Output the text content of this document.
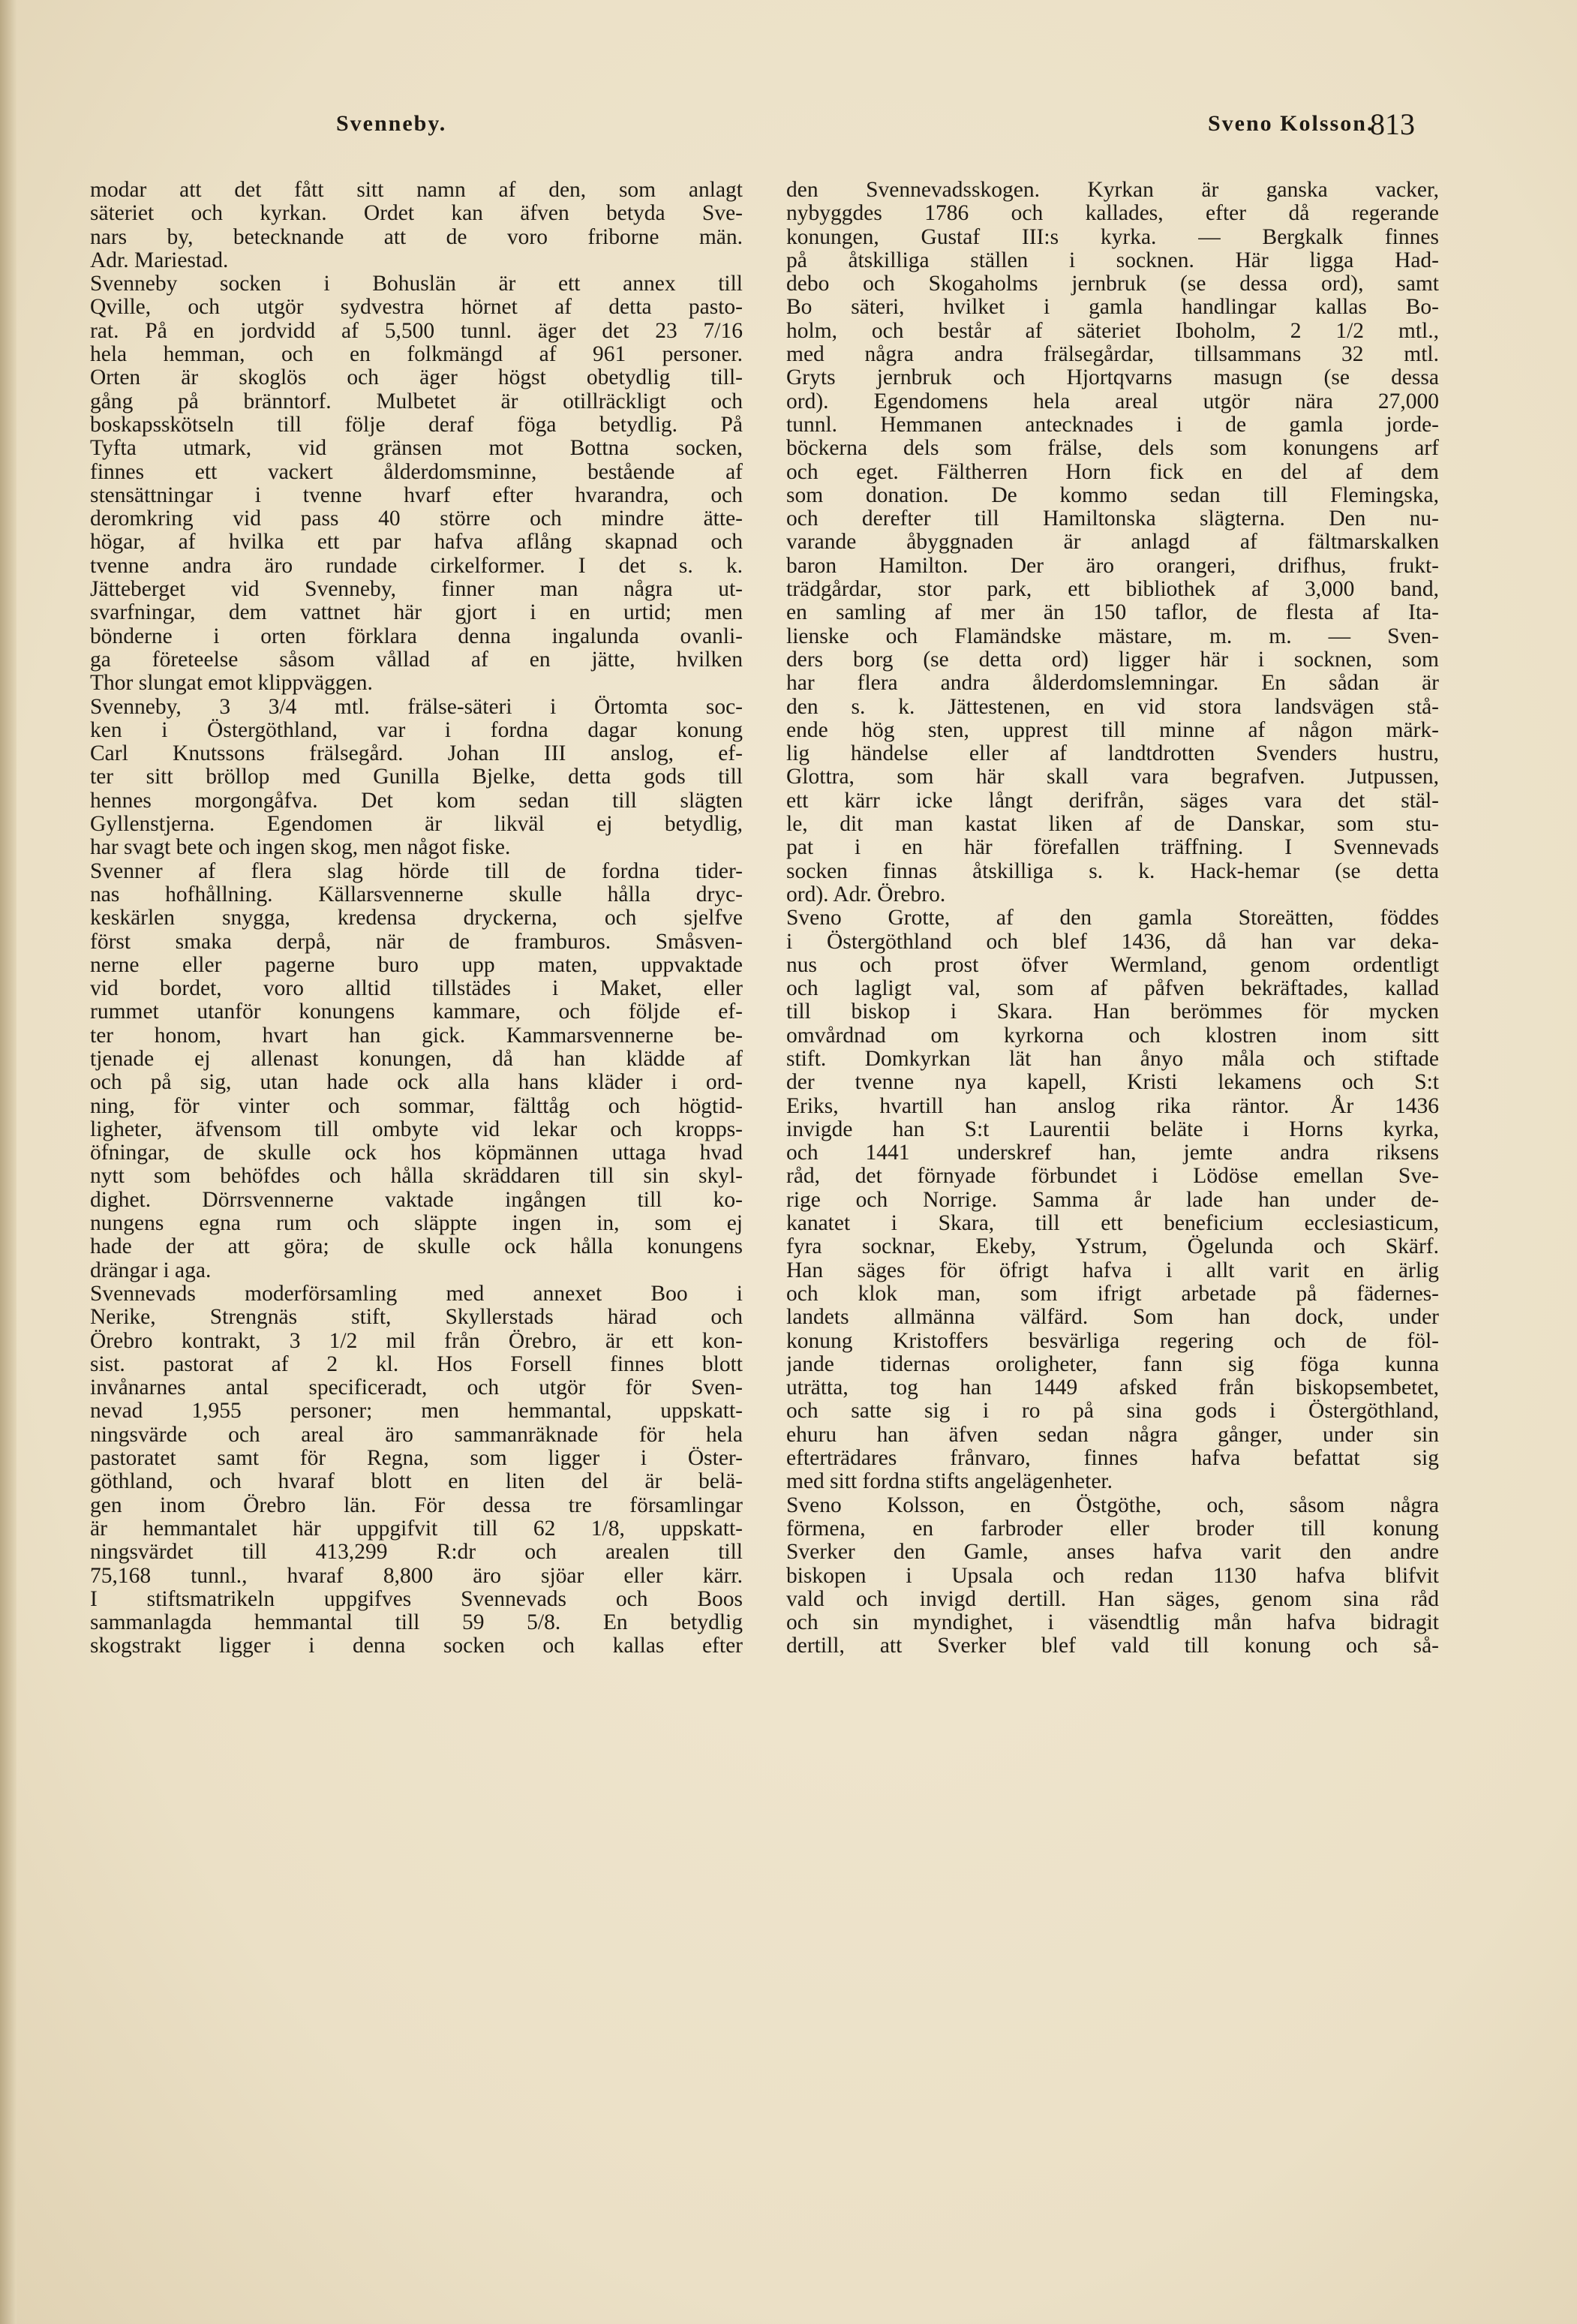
Svenneby.	Sveno Kolsson.
813
modar att det fått sitt namn af den, som anlagt
säteriet och kyrkan. Ordet kan äfven betyda Sve-
nars by, betecknande att de voro friborne män.
Adr. Mariestad.
Svenneby socken i Bohuslän är ett annex till
Qville, och utgör sydvestra hörnet af detta pasto-
rat. På en jordvidd af 5,500 tunnl. äger det 23 7/16
hela hemman, och en folkmängd af 961 personer.
Orten är skoglös och äger högst obetydlig till-
gång på bränntorf. Mulbetet är otillräckligt och
boskapsskötseln till följe deraf föga betydlig. På
Tyfta utmark, vid gränsen mot Bottna socken,
finnes ett vackert ålderdomsminne, bestående af
stensättningar i tvenne hvarf efter hvarandra, och
deromkring vid pass 40 större och mindre ätte-
högar, af hvilka ett par hafva aflång skapnad och
tvenne andra äro rundade cirkelformer. I det s. k.
Jätteberget vid Svenneby, finner man några ut-
svarfningar, dem vattnet här gjort i en urtid; men
bönderne i orten förklara denna ingalunda ovanli-
ga företeelse såsom vållad af en jätte, hvilken
Thor slungat emot klippväggen.
Svenneby, 3 3/4 mtl. frälse-säteri i Örtomta soc-
ken i Östergöthland, var i fordna dagar konung
Carl Knutssons frälsegård. Johan III anslog, ef-
ter sitt bröllop med Gunilla Bjelke, detta gods till
hennes morgongåfva. Det kom sedan till slägten
Gyllenstjerna. Egendomen är likväl ej betydlig,
har svagt bete och ingen skog, men något fiske.
Svenner af flera slag hörde till de fordna tider-
nas hofhållning. Källarsvennerne skulle hålla dryc-
keskärlen snygga, kredensa dryckerna, och sjelfve
först smaka derpå, när de framburos. Småsven-
nerne eller pagerne buro upp maten, uppvaktade
vid bordet, voro alltid tillstädes i Maket, eller
rummet utanför konungens kammare, och följde ef-
ter honom, hvart han gick. Kammarsvennerne be-
tjenade ej allenast konungen, då han klädde af
och på sig, utan hade ock alla hans kläder i ord-
ning, för vinter och sommar, fälttåg och högtid-
ligheter, äfvensom till ombyte vid lekar och kropps-
öfningar, de skulle ock hos köpmännen uttaga hvad
nytt som behöfdes och hålla skräddaren till sin skyl-
dighet. Dörrsvennerne vaktade ingången till ko-
nungens egna rum och släppte ingen in, som ej
hade der att göra; de skulle ock hålla konungens
drängar i aga.
Svennevads moderförsamling med annexet Boo i
Nerike, Strengnäs stift, Skyllerstads härad och
Örebro kontrakt, 3 1/2 mil från Örebro, är ett kon-
sist. pastorat af 2 kl. Hos Forsell finnes blott
invånarnes antal specificeradt, och utgör för Sven-
nevad 1,955 personer; men hemmantal, uppskatt-
ningsvärde och areal äro sammanräknade för hela
pastoratet samt för Regna, som ligger i Öster-
göthland, och hvaraf blott en liten del är belä-
gen inom Örebro län. För dessa tre församlingar
är hemmantalet här uppgifvit till 62 1/8, uppskatt-
ningsvärdet till 413,299 R:dr och arealen till
75,168 tunnl., hvaraf 8,800 äro sjöar eller kärr.
I stiftsmatrikeln uppgifves Svennevads och Boos
sammanlagda hemmantal till 59 5/8. En betydlig
skogstrakt ligger i denna socken och kallas efter
den Svennevadsskogen. Kyrkan är ganska vacker,
nybyggdes 1786 och kallades, efter då regerande
konungen, Gustaf III:s kyrka. — Bergkalk finnes
på åtskilliga ställen i socknen. Här ligga Had-
debo och Skogaholms jernbruk (se dessa ord), samt
Bo säteri, hvilket i gamla handlingar kallas Bo-
holm, och består af säteriet Iboholm, 2 1/2 mtl.,
med några andra frälsegårdar, tillsammans 32 mtl.
Gryts jernbruk och Hjortqvarns masugn (se dessa
ord). Egendomens hela areal utgör nära 27,000
tunnl. Hemmanen antecknades i de gamla jorde-
böckerna dels som frälse, dels som konungens arf
och eget. Fältherren Horn fick en del af dem
som donation. De kommo sedan till Flemingska,
och derefter till Hamiltonska slägterna. Den nu-
varande åbyggnaden är anlagd af fältmarskalken
baron Hamilton. Der äro orangeri, drifhus, frukt-
trädgårdar, stor park, ett bibliothek af 3,000 band,
en samling af mer än 150 taflor, de flesta af Ita-
lienske och Flamändske mästare, m. m. — Sven-
ders borg (se detta ord) ligger här i socknen, som
har flera andra ålderdomslemningar. En sådan är
den s. k. Jättestenen, en vid stora landsvägen stå-
ende hög sten, upprest till minne af någon märk-
lig händelse eller af landtdrotten Svenders hustru,
Glottra, som här skall vara begrafven. Jutpussen,
ett kärr icke långt derifrån, säges vara det stäl-
le, dit man kastat liken af de Danskar, som stu-
pat i en här förefallen träffning. I Svennevads
socken finnas åtskilliga s. k. Hack-hemar (se detta
ord). Adr. Örebro.
Sveno Grotte, af den gamla Storeätten, föddes
i Östergöthland och blef 1436, då han var deka-
nus och prost öfver Wermland, genom ordentligt
och lagligt val, som af påfven bekräftades, kallad
till biskop i Skara. Han berömmes för mycken
omvårdnad om kyrkorna och klostren inom sitt
stift. Domkyrkan lät han ånyo måla och stiftade
der tvenne nya kapell, Kristi lekamens och S:t
Eriks, hvartill han anslog rika räntor. År 1436
invigde han S:t Laurentii beläte i Horns kyrka,
och 1441 underskref han, jemte andra riksens
råd, det förnyade förbundet i Lödöse emellan Sve-
rige och Norrige. Samma år lade han under de-
kanatet i Skara, till ett beneficium ecclesiasticum,
fyra socknar, Ekeby, Ystrum, Ögelunda och Skärf.
Han säges för öfrigt hafva i allt varit en ärlig
och klok man, som ifrigt arbetade på fädernes-
landets allmänna välfärd. Som han dock, under
konung Kristoffers besvärliga regering och de föl-
jande tidernas oroligheter, fann sig föga kunna
uträtta, tog han 1449 afsked från biskopsembetet,
och satte sig i ro på sina gods i Östergöthland,
ehuru han äfven sedan några gånger, under sin
efterträdares frånvaro, finnes hafva befattat sig
med sitt fordna stifts angelägenheter.
Sveno Kolsson, en Östgöthe, och, såsom några
förmena, en farbroder eller broder till konung
Sverker den Gamle, anses hafva varit den andre
biskopen i Upsala och redan 1130 hafva blifvit
vald och invigd dertill. Han säges, genom sina råd
och sin myndighet, i väsendtlig mån hafva bidragit
dertill, att Sverker blef vald till konung och så-
